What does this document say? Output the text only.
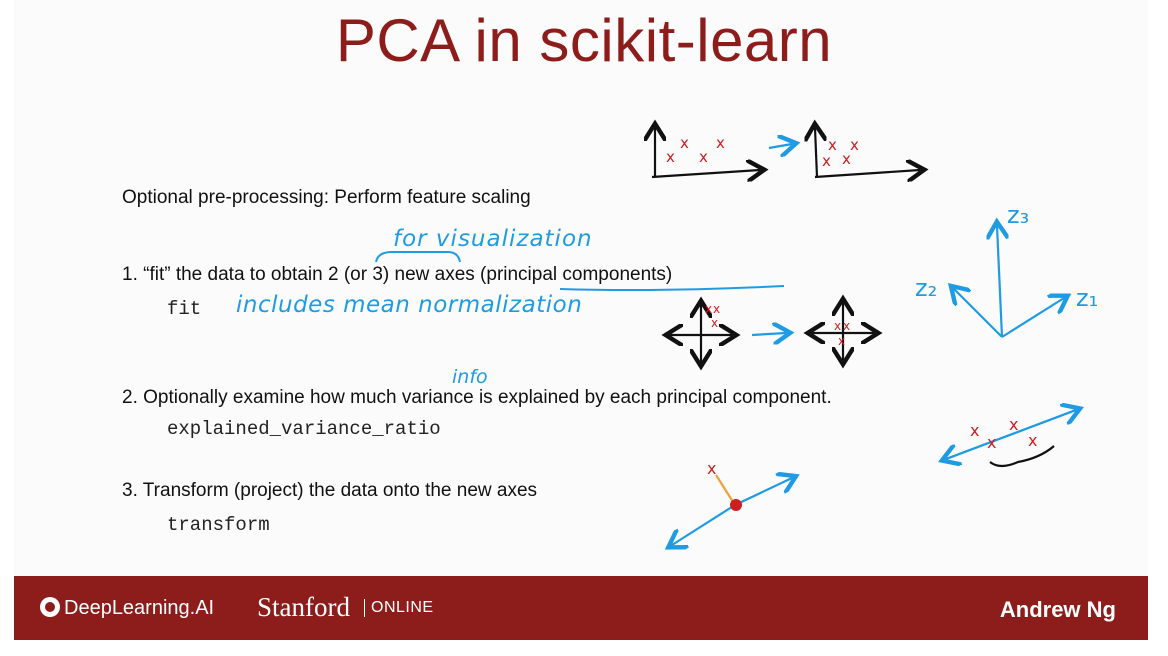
PCA in scikit-learn
Optional pre-processing: Perform feature scaling
1. “fit” the data to obtain 2 (or 3) new axes (principal components)
fit
2. Optionally examine how much variance is explained by each principal component.
explained_variance_ratio
3. Transform (project) the data onto the new axes
transform
for visualization
includes mean normalization
info
z₁
z₂
z₃
x
x
x
x
x
x
x
x
x x
x	x x
x
x
x
x
x
x
DeepLearning.AI Stanford	ONLINE	Andrew Ng
